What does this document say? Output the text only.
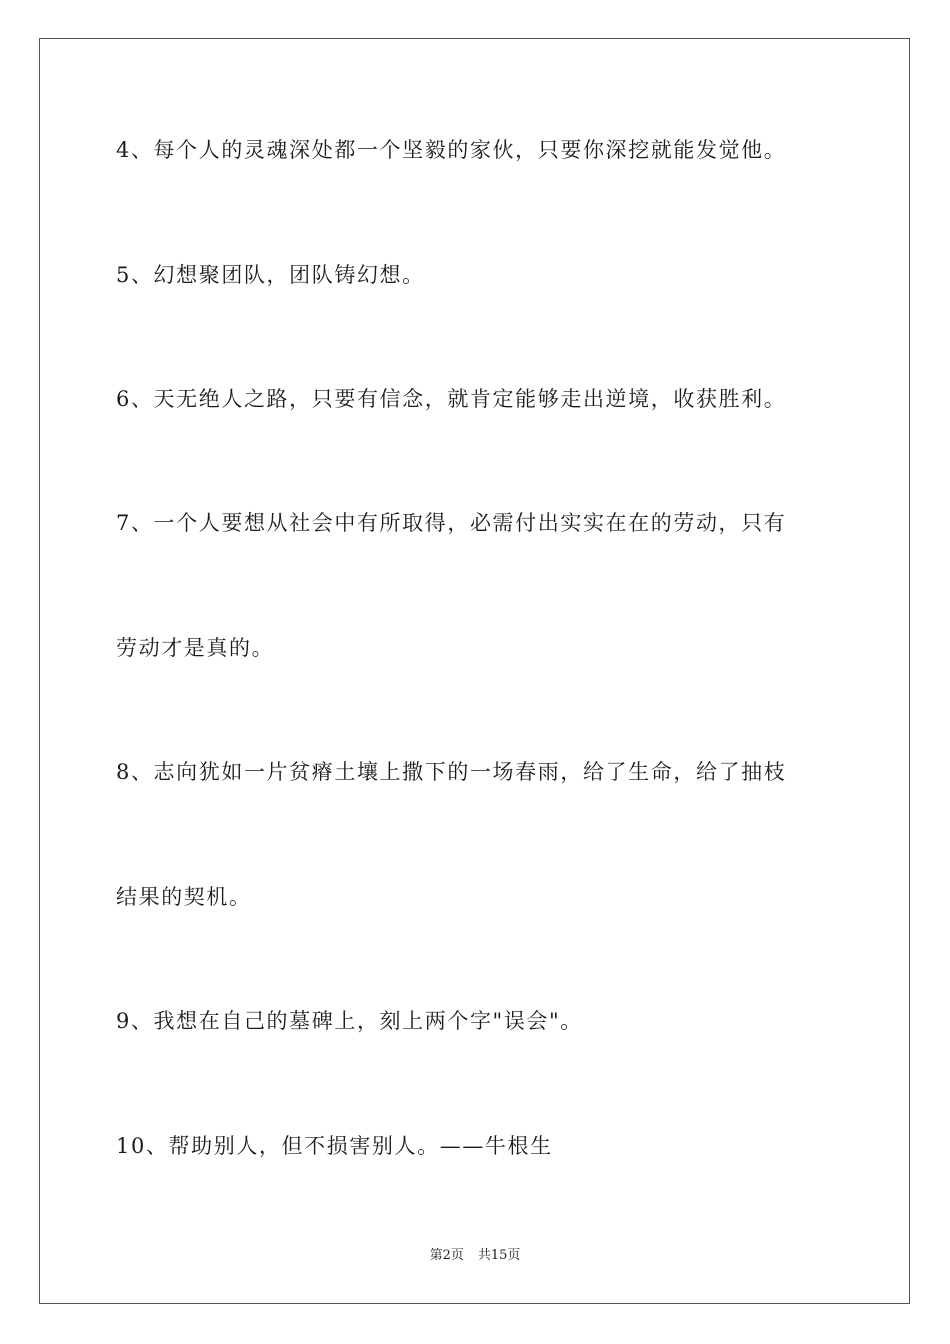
4、每个人的灵魂深处都一个坚毅的家伙，只要你深挖就能发觉他。
5、幻想聚团队，团队铸幻想。
6、天无绝人之路，只要有信念，就肯定能够走出逆境，收获胜利。
7、一个人要想从社会中有所取得，必需付出实实在在的劳动，只有
劳动才是真的。
8、志向犹如一片贫瘠土壤上撒下的一场春雨，给了生命，给了抽枝
结果的契机。
9、我想在自己的墓碑上，刻上两个字"误会"。
10、帮助别人，但不损害别人。——牛根生
第2页 共15页
